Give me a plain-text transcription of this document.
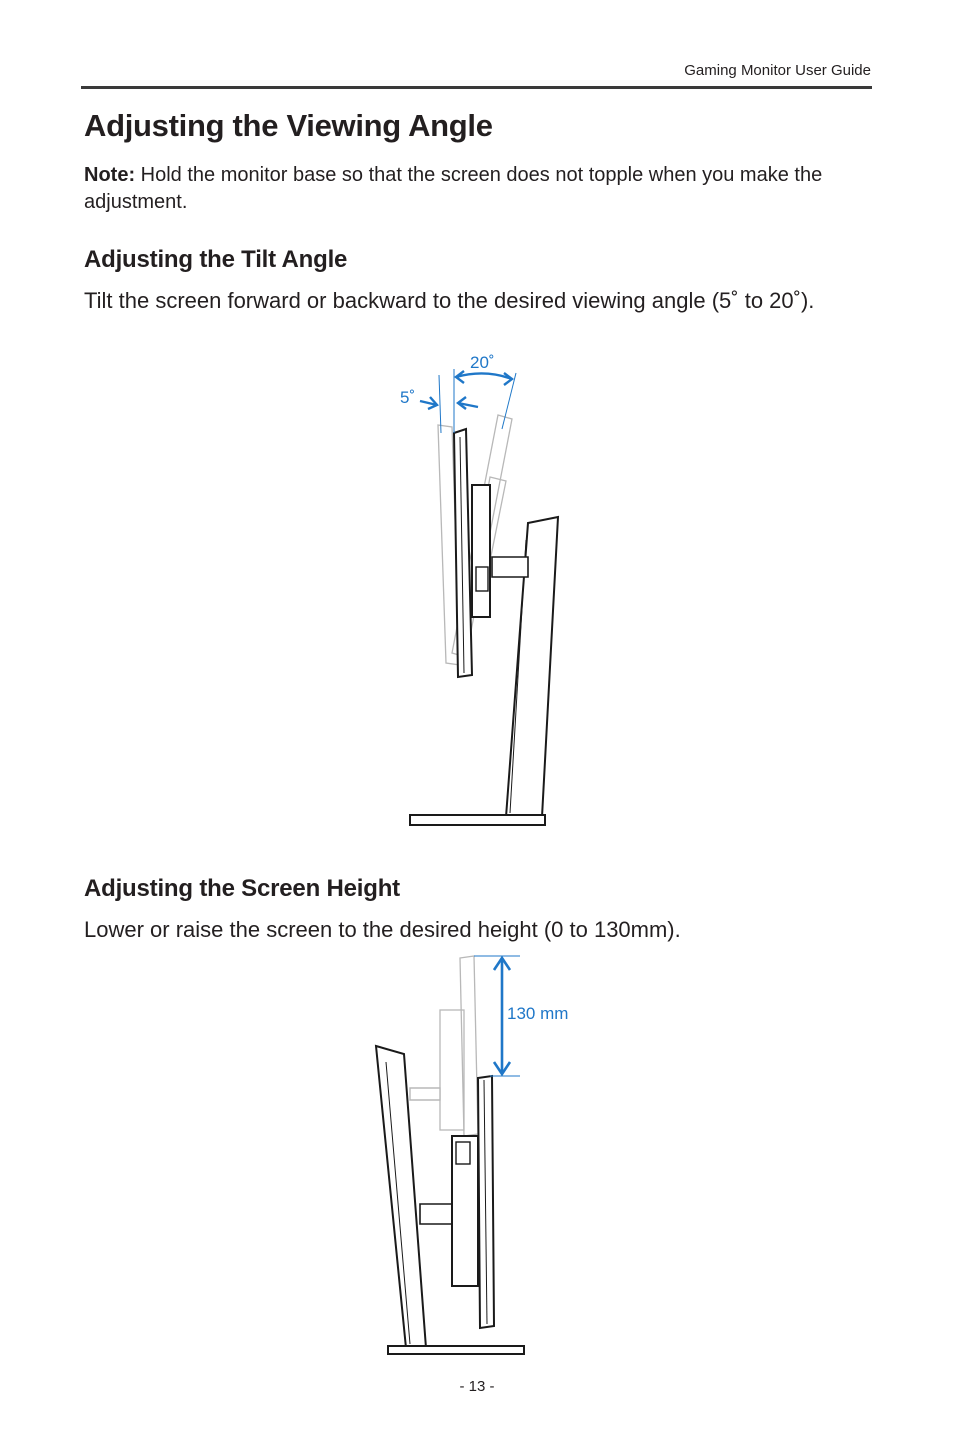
Gaming Monitor User Guide
Adjusting the Viewing Angle

Note: Hold the monitor base so that the screen does not topple when you make the adjustment.

Adjusting the Tilt Angle

Tilt the screen forward or backward to the desired viewing angle (5˚ to 20˚).

20˚
5˚
Adjusting the Screen Height

Lower or raise the screen to the desired height (0 to 130mm).

130 mm
- 13 -
